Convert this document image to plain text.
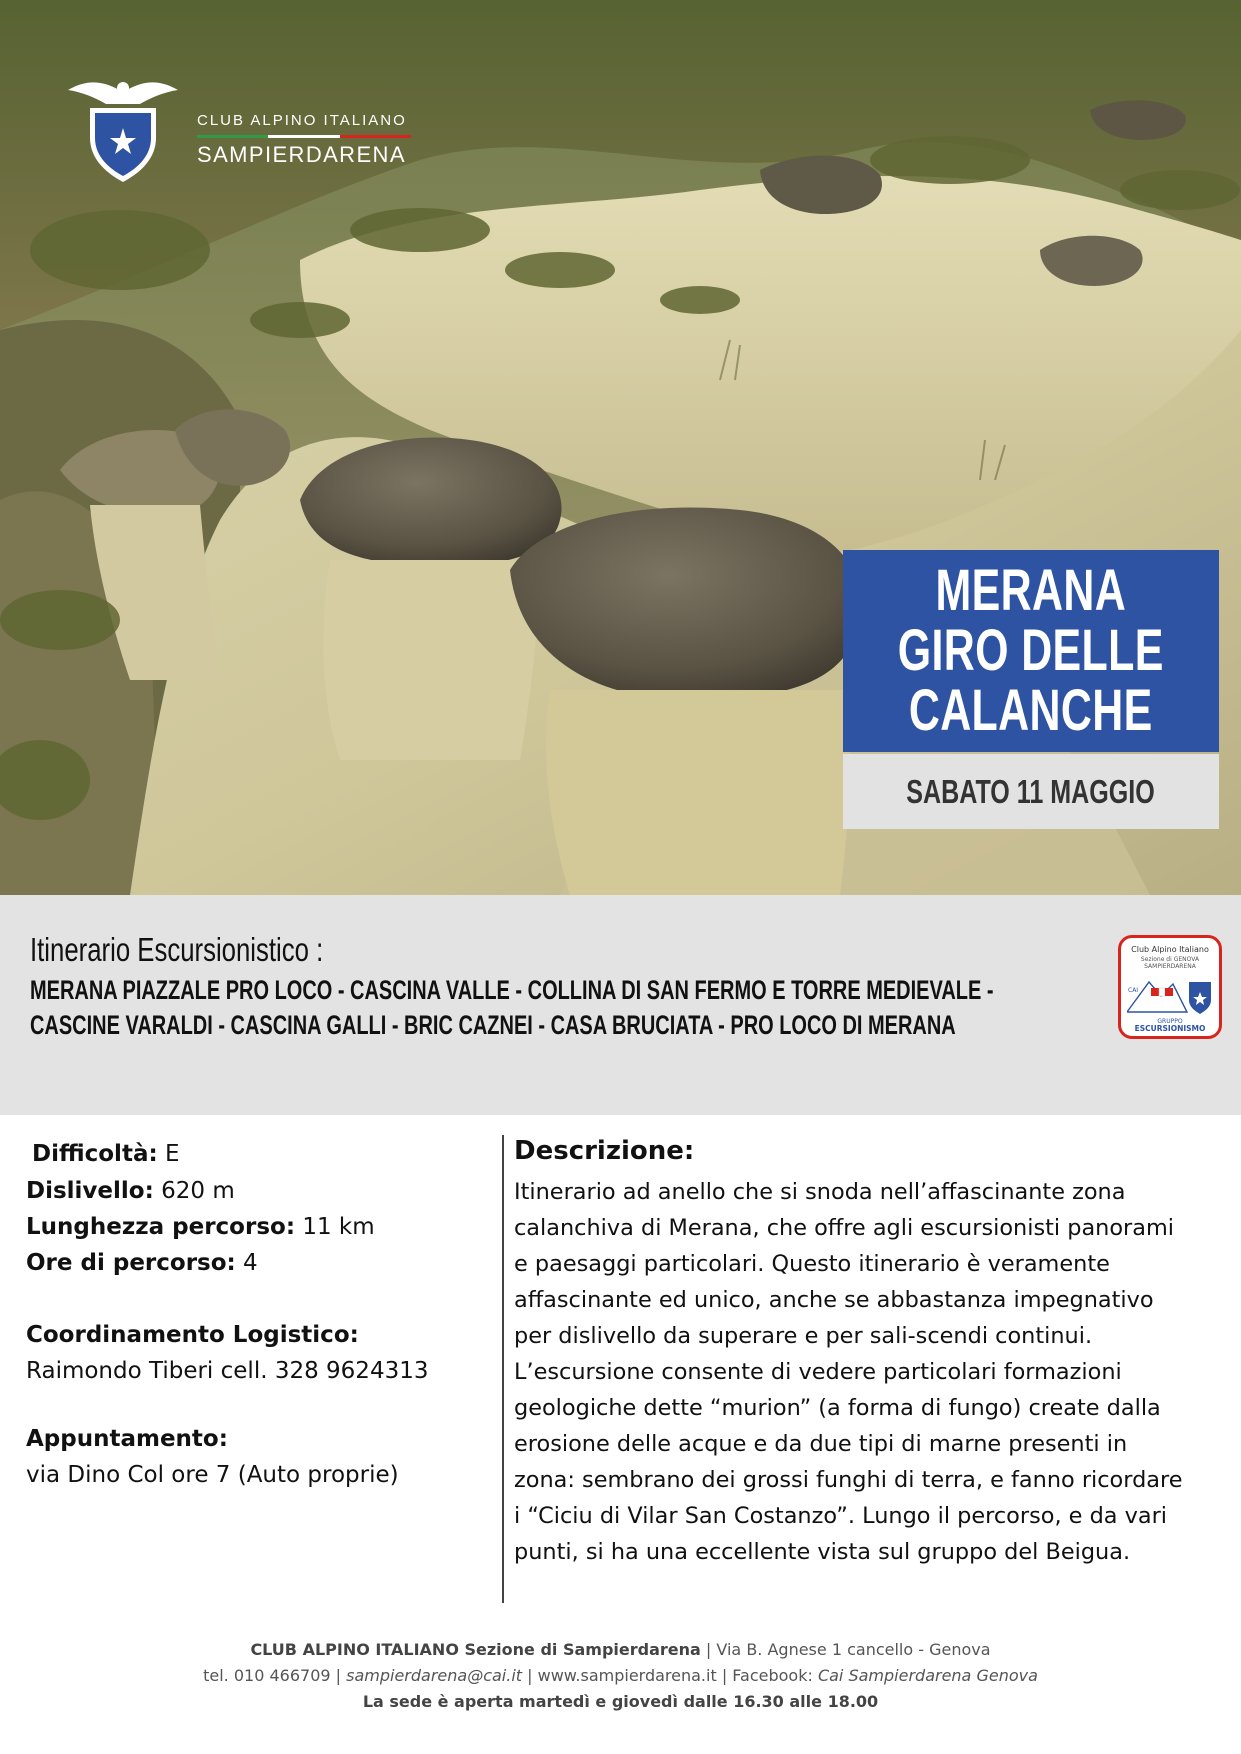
CLUB ALPINO ITALIANO
SAMPIERDARENA
MERANA
GIRO DELLE
CALANCHE
SABATO 11 MAGGIO
Itinerario Escursionistico :
MERANA PIAZZALE PRO LOCO - CASCINA VALLE - COLLINA DI SAN FERMO E TORRE MEDIEVALE -
CASCINE VARALDI - CASCINA GALLI - BRIC CAZNEI - CASA BRUCIATA - PRO LOCO DI MERANA
Club Alpino Italiano
Sezione di GENOVA
SAMPIERDARENA
CAI
GRUPPO
ESCURSIONISMO
Difficoltà: E
Dislivello: 620 m
Lunghezza percorso: 11 km
Ore di percorso: 4
Coordinamento Logistico:
Raimondo Tiberi cell. 328 9624313
Appuntamento:
via Dino Col ore 7 (Auto proprie)
Descrizione:
Itinerario ad anello che si snoda nell’affascinante zona calanchiva di Merana, che offre agli escursionisti panorami e paesaggi particolari. Questo itinerario è veramente affascinante ed unico, anche se abbastanza impegnativo per dislivello da superare e per sali-scendi continui. L’escursione consente di vedere particolari formazioni geologiche dette “murion” (a forma di fungo) create dalla erosione delle acque e da due tipi di marne presenti in zona: sembrano dei grossi funghi di terra, e fanno ricordare i “Ciciu di Vilar San Costanzo”. Lungo il percorso, e da vari punti, si ha una eccellente vista sul gruppo del Beigua.
CLUB ALPINO ITALIANO Sezione di Sampierdarena | Via B. Agnese 1 cancello - Genova
tel. 010 466709 | sampierdarena@cai.it | www.sampierdarena.it | Facebook: Cai Sampierdarena Genova
La sede è aperta martedì e giovedì dalle 16.30 alle 18.00
